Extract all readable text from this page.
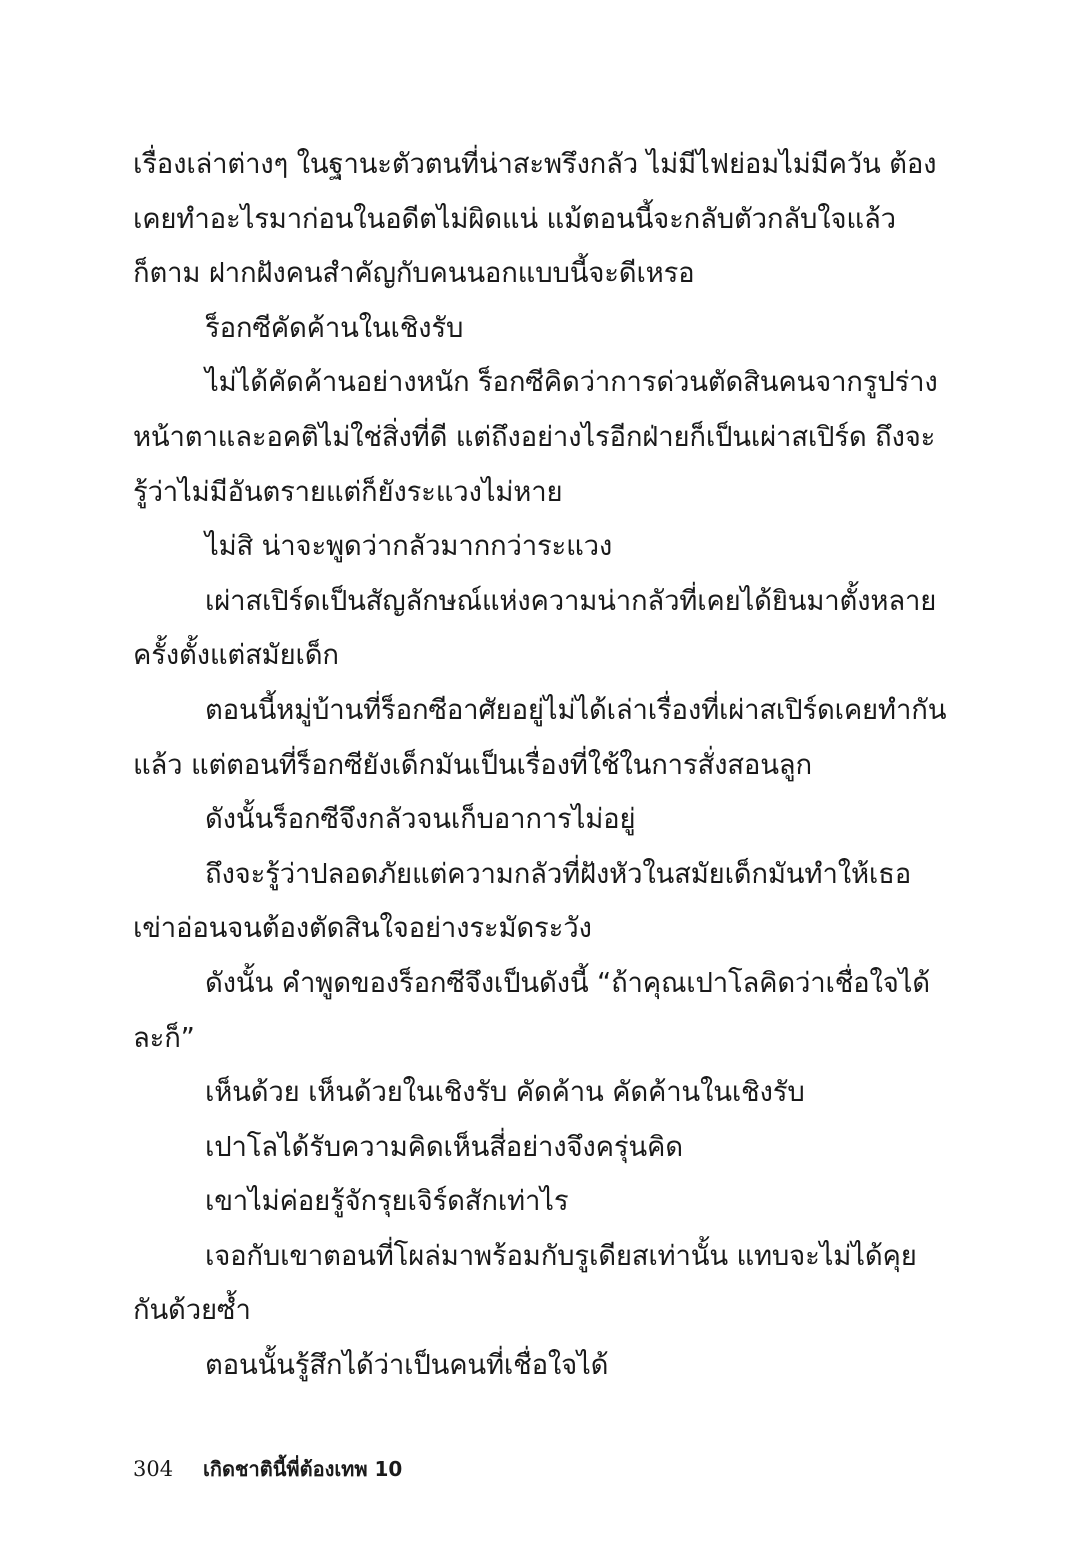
เรื่องเล่าต่างๆ ในฐานะตัวตนที่น่าสะพรึงกลัว ไม่มีไฟย่อมไม่มีควัน ต้อง
เคยทำอะไรมาก่อนในอดีตไม่ผิดแน่ แม้ตอนนี้จะกลับตัวกลับใจแล้ว
ก็ตาม ฝากฝังคนสำคัญกับคนนอกแบบนี้จะดีเหรอ
ร็อกซีคัดค้านในเชิงรับ
ไม่ได้คัดค้านอย่างหนัก ร็อกซีคิดว่าการด่วนตัดสินคนจากรูปร่าง
หน้าตาและอคติไม่ใช่สิ่งที่ดี แต่ถึงอย่างไรอีกฝ่ายก็เป็นเผ่าสเปิร์ด ถึงจะ
รู้ว่าไม่มีอันตรายแต่ก็ยังระแวงไม่หาย
ไม่สิ น่าจะพูดว่ากลัวมากกว่าระแวง
เผ่าสเปิร์ดเป็นสัญลักษณ์แห่งความน่ากลัวที่เคยได้ยินมาตั้งหลาย
ครั้งตั้งแต่สมัยเด็ก
ตอนนี้หมู่บ้านที่ร็อกซีอาศัยอยู่ไม่ได้เล่าเรื่องที่เผ่าสเปิร์ดเคยทำกัน
แล้ว แต่ตอนที่ร็อกซียังเด็กมันเป็นเรื่องที่ใช้ในการสั่งสอนลูก
ดังนั้นร็อกซีจึงกลัวจนเก็บอาการไม่อยู่
ถึงจะรู้ว่าปลอดภัยแต่ความกลัวที่ฝังหัวในสมัยเด็กมันทำให้เธอ
เข่าอ่อนจนต้องตัดสินใจอย่างระมัดระวัง
ดังนั้น คำพูดของร็อกซีจึงเป็นดังนี้ “ถ้าคุณเปาโลคิดว่าเชื่อใจได้
ละก็”
เห็นด้วย เห็นด้วยในเชิงรับ คัดค้าน คัดค้านในเชิงรับ
เปาโลได้รับความคิดเห็นสี่อย่างจึงครุ่นคิด
เขาไม่ค่อยรู้จักรุยเจิร์ดสักเท่าไร
เจอกับเขาตอนที่โผล่มาพร้อมกับรูเดียสเท่านั้น แทบจะไม่ได้คุย
กันด้วยซ้ำ
ตอนนั้นรู้สึกได้ว่าเป็นคนที่เชื่อใจได้
304 เกิดชาตินี้พี่ต้องเทพ 10
